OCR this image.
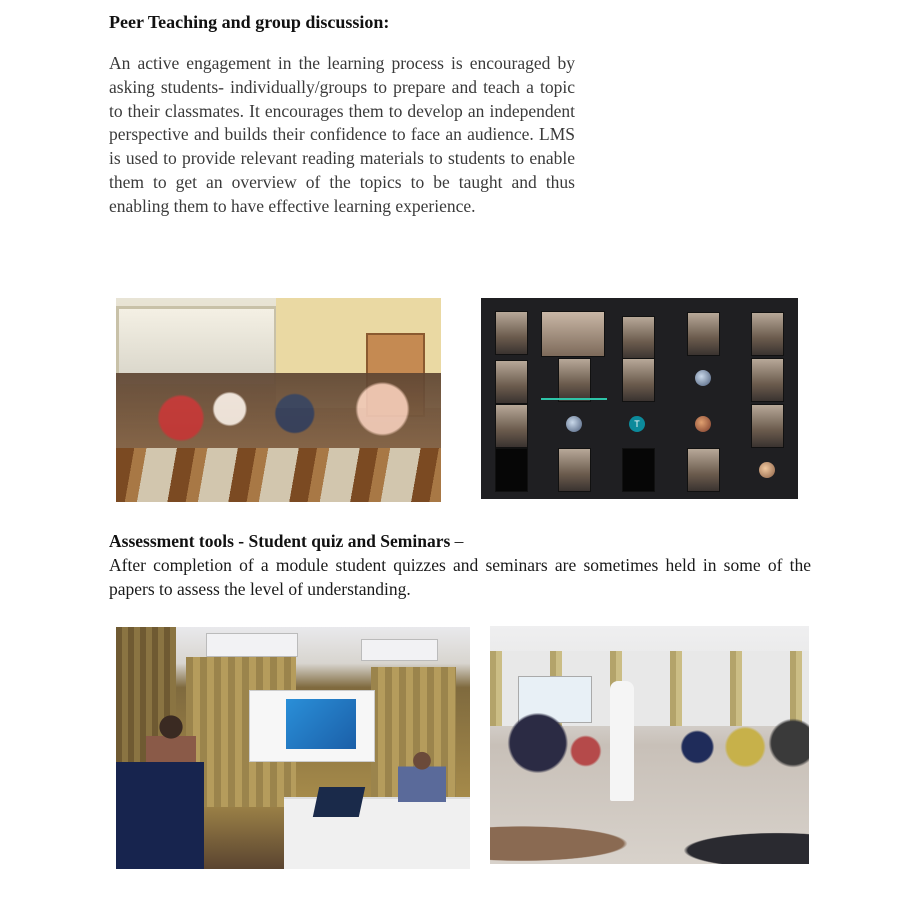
Peer Teaching and group discussion:

An active engagement in the learning process is encouraged by asking students- individually/groups to prepare and teach a topic to their classmates. It encourages them to develop an independent perspective and builds their confidence to face an audience. LMS is used to provide relevant reading materials to students to enable them to get an overview of the topics to be taught and thus enabling them to have effective learning experience.

T

Assessment tools - Student quiz and Seminars –

After completion of a module student quizzes and seminars are sometimes held in some of the papers to assess the level of understanding.
